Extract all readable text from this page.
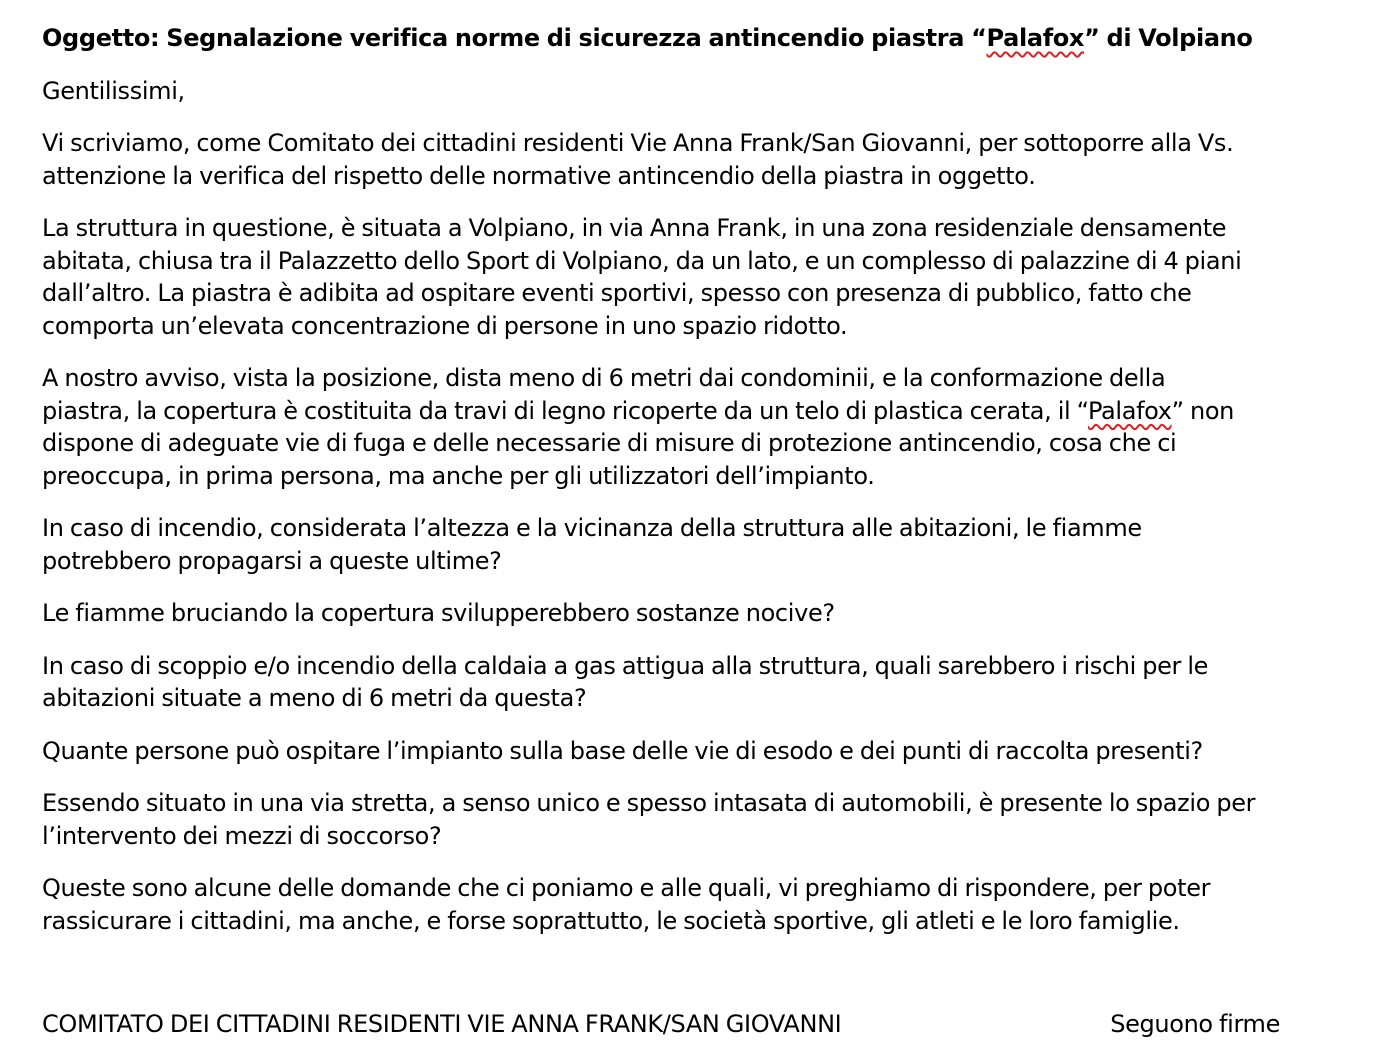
Oggetto: Segnalazione verifica norme di sicurezza antincendio piastra “Palafox” di Volpiano
Gentilissimi,
Vi scriviamo, come Comitato dei cittadini residenti Vie Anna Frank/San Giovanni, per sottoporre alla Vs.
attenzione la verifica del rispetto delle normative antincendio della piastra in oggetto.
La struttura in questione, è situata a Volpiano, in via Anna Frank, in una zona residenziale densamente
abitata, chiusa tra il Palazzetto dello Sport di Volpiano, da un lato, e un complesso di palazzine di 4 piani
dall’altro. La piastra è adibita ad ospitare eventi sportivi, spesso con presenza di pubblico, fatto che
comporta un’elevata concentrazione di persone in uno spazio ridotto.
A nostro avviso, vista la posizione, dista meno di 6 metri dai condominii, e la conformazione della
piastra, la copertura è costituita da travi di legno ricoperte da un telo di plastica cerata, il “Palafox” non
dispone di adeguate vie di fuga e delle necessarie di misure di protezione antincendio, cosa che ci
preoccupa, in prima persona, ma anche per gli utilizzatori dell’impianto.
In caso di incendio, considerata l’altezza e la vicinanza della struttura alle abitazioni, le fiamme
potrebbero propagarsi a queste ultime?
Le fiamme bruciando la copertura svilupperebbero sostanze nocive?
In caso di scoppio e/o incendio della caldaia a gas attigua alla struttura, quali sarebbero i rischi per le
abitazioni situate a meno di 6 metri da questa?
Quante persone può ospitare l’impianto sulla base delle vie di esodo e dei punti di raccolta presenti?
Essendo situato in una via stretta, a senso unico e spesso intasata di automobili, è presente lo spazio per
l’intervento dei mezzi di soccorso?
Queste sono alcune delle domande che ci poniamo e alle quali, vi preghiamo di rispondere, per poter
rassicurare i cittadini, ma anche, e forse soprattutto, le società sportive, gli atleti e le loro famiglie.
COMITATO DEI CITTADINI RESIDENTI VIE ANNA FRANK/SAN GIOVANNI	Seguono firme
